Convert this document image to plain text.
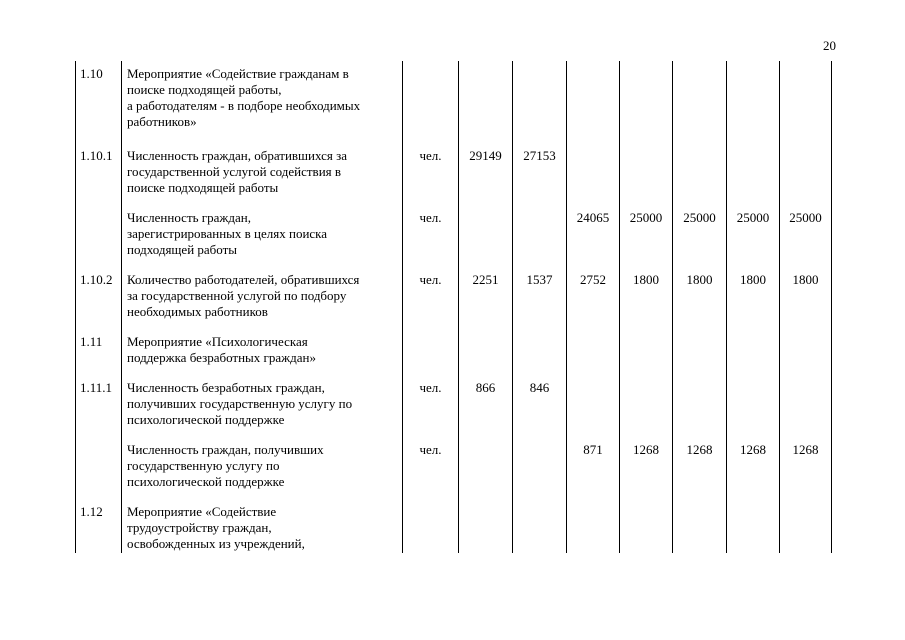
20
1.10	Мероприятие «Содействие гражданам в
поиске подходящей работы,
а работодателям - в подборе необходимых
работников»								

1.10.1	Численность граждан, обратившихся за
государственной услугой содействия в
поиске подходящей работы	чел.	29149	27153					

	Численность граждан,
зарегистрированных в целях поиска
подходящей работы	чел.			24065	25000	25000	25000	25000
1.10.2	Количество работодателей, обратившихся
за государственной услугой по подбору
необходимых работников	чел.	2251	1537	2752	1800	1800	1800	1800
1.11	Мероприятие «Психологическая
поддержка безработных граждан»								

1.11.1	Численность безработных граждан,
получивших государственную услугу по
психологической поддержке	чел.	866	846					

	Численность граждан, получивших
государственную услугу по
психологической поддержке	чел.			871	1268	1268	1268	1268
1.12	Мероприятие «Содействие
трудоустройству граждан,
освобожденных из учреждений,								
